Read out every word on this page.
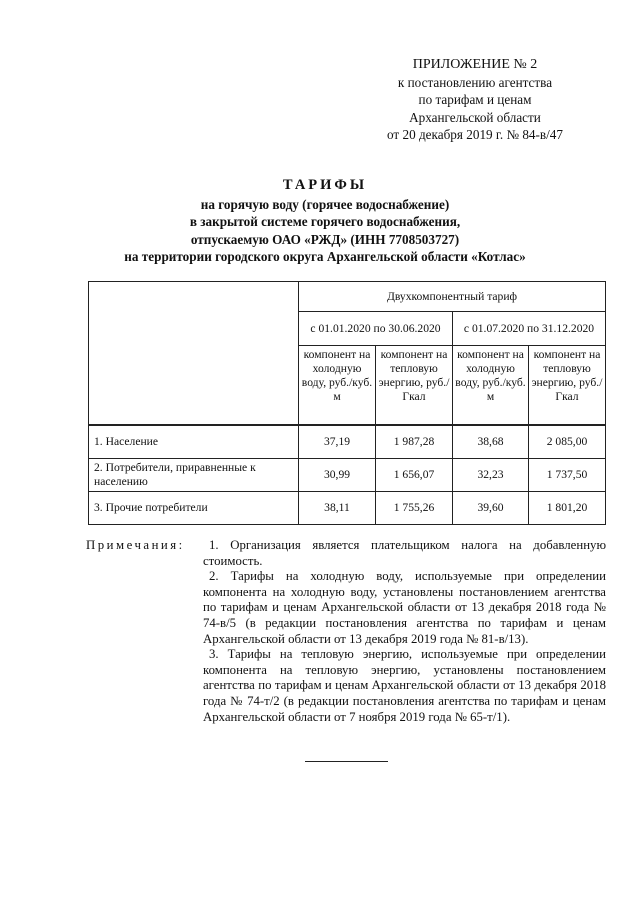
ПРИЛОЖЕНИЕ № 2
к постановлению агентства
по тарифам и ценам
Архангельской области
от 20 декабря 2019 г. № 84-в/47
ТАРИФЫ
на горячую воду (горячее водоснабжение)
в закрытой системе горячего водоснабжения,
отпускаемую ОАО «РЖД» (ИНН 7708503727)
на территории городского округа Архангельской области «Котлас»
	Двухкомпонентный тариф			
	с 01.01.2020 по 30.06.2020		с 01.07.2020 по 31.12.2020	
	компонент на холодную воду, руб./куб. м	компонент на тепловую энергию, руб./Гкал	компонент на холодную воду, руб./куб. м	компонент на тепловую энергию, руб./Гкал
1. Население	37,19	1 987,28	38,68	2 085,00
2. Потребители, приравненные к населению	30,99	1 656,07	32,23	1 737,50
3. Прочие потребители	38,11	1 755,26	39,60	1 801,20
Примечания:	1. Организация является плательщиком налога на добавленную стоимость.
2. Тарифы на холодную воду, используемые при определении компонента на холодную воду, установлены постановлением агентства по тарифам и ценам Архангельской области от 13 декабря 2018 года № 74-в/5 (в редакции постановления агентства по тарифам и ценам Архангельской области от 13 декабря 2019 года № 81-в/13).
3. Тарифы на тепловую энергию, используемые при определении компонента на тепловую энергию, установлены постановлением агентства по тарифам и ценам Архангельской области от 13 декабря 2018 года № 74-т/2 (в редакции постановления агентства по тарифам и ценам Архангельской области от 7 ноября 2019 года № 65-т/1).
